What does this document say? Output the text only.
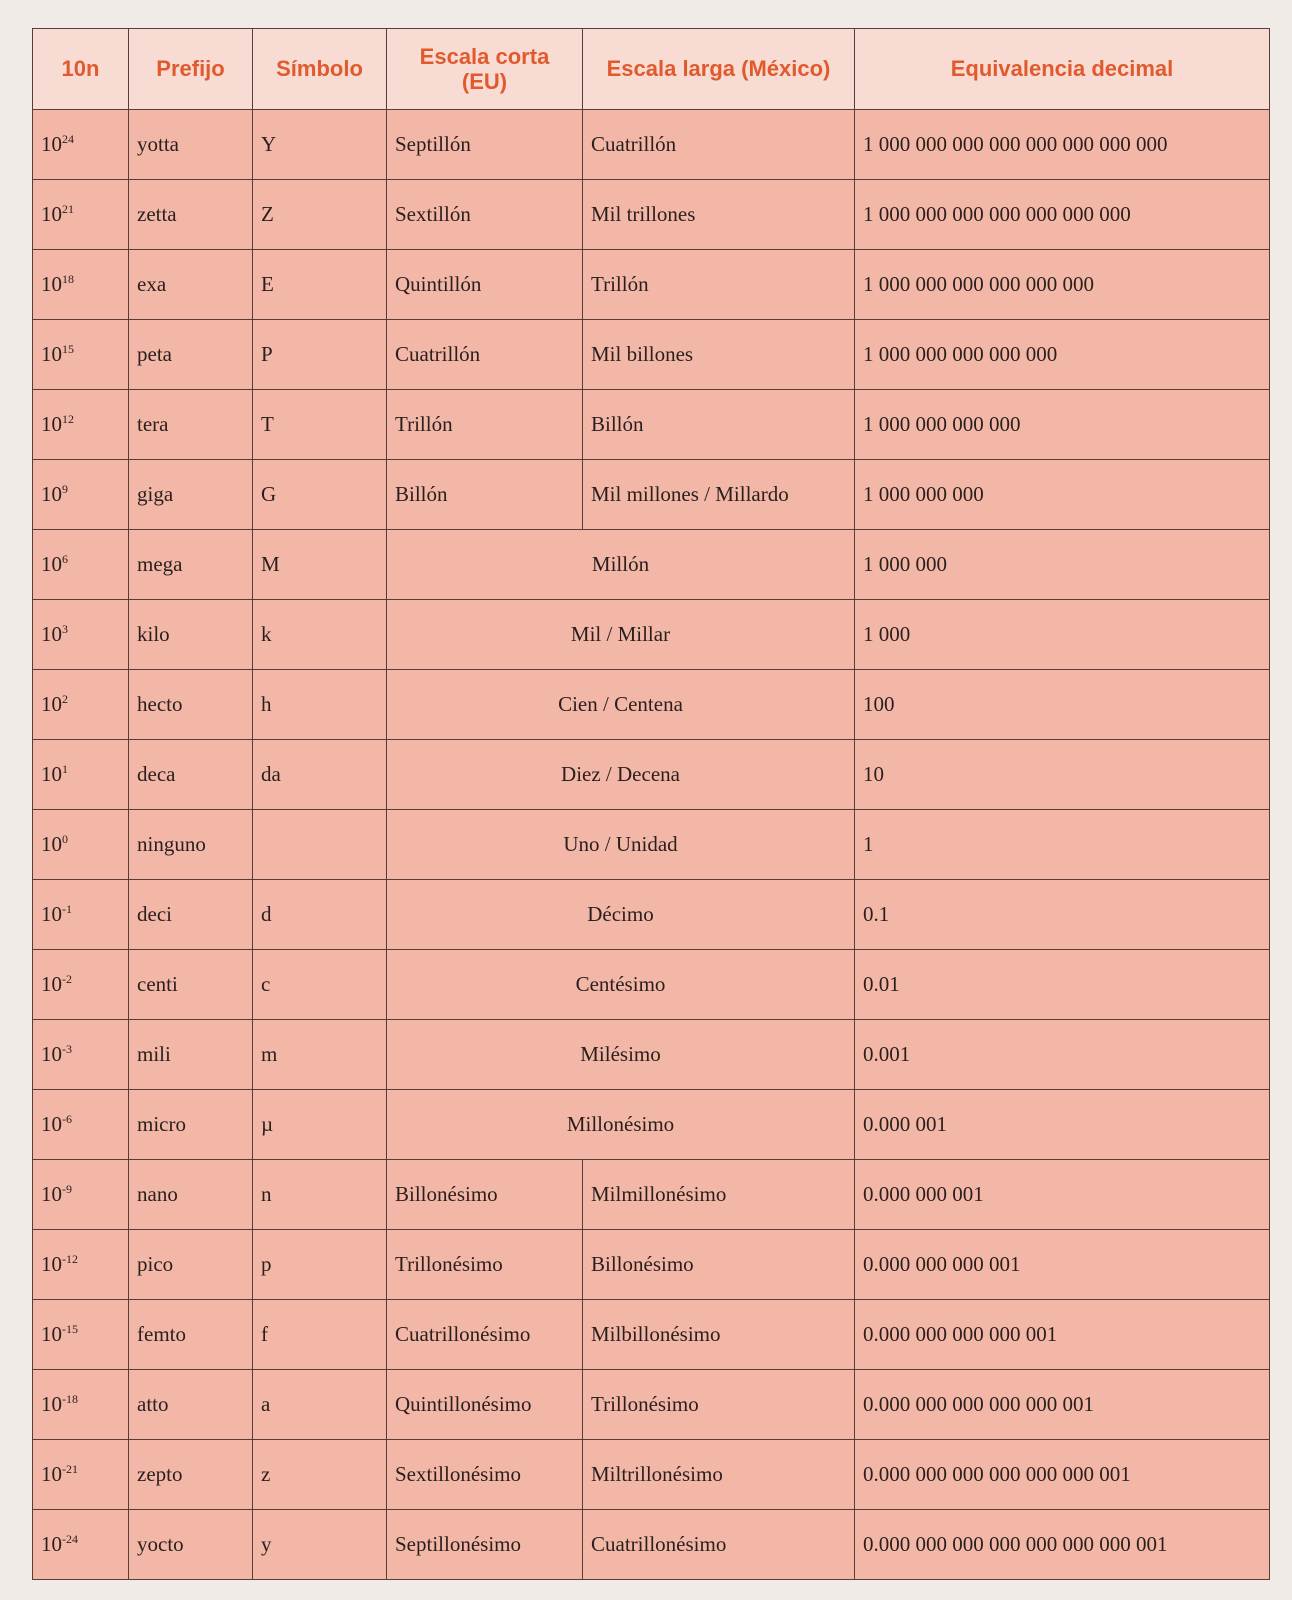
10n	Prefijo	Símbolo	Escala corta (EU)	Escala larga (México)	Equivalencia decimal
$10^{24}$	yotta	Y	Septillón	Cuatrillón	1 000 000 000 000 000 000 000 000
$10^{21}$	zetta	Z	Sextillón	Mil trillones	1 000 000 000 000 000 000 000
$10^{18}$	exa	E	Quintillón	Trillón	1 000 000 000 000 000 000
$10^{15}$	peta	P	Cuatrillón	Mil billones	1 000 000 000 000 000
$10^{12}$	tera	T	Trillón	Billón	1 000 000 000 000
$10^9$	giga	G	Billón	Mil millones / Millardo	1 000 000 000
$10^6$	mega	M	Millón		1 000 000
$10^3$	kilo	k	Mil / Millar		1 000
$10^2$	hecto	h	Cien / Centena		100
$10^1$	deca	da	Diez / Decena		10
$10^0$	ninguno		Uno / Unidad		1
$10^{-1}$	deci	d	Décimo		0.1
$10^{-2}$	centi	c	Centésimo		0.01
$10^{-3}$	mili	m	Milésimo		0.001
$10^{-6}$	micro	µ	Millonésimo		0.000 001
$10^{-9}$	nano	n	Billonésimo	Milmillonésimo	0.000 000 001
$10^{-12}$	pico	p	Trillonésimo	Billonésimo	0.000 000 000 001
$10^{-15}$	femto	f	Cuatrillonésimo	Milbillonésimo	0.000 000 000 000 001
$10^{-18}$	atto	a	Quintillonésimo	Trillonésimo	0.000 000 000 000 000 001
$10^{-21}$	zepto	z	Sextillonésimo	Miltrillonésimo	0.000 000 000 000 000 000 001
$10^{-24}$	yocto	y	Septillonésimo	Cuatrillonésimo	0.000 000 000 000 000 000 000 001
